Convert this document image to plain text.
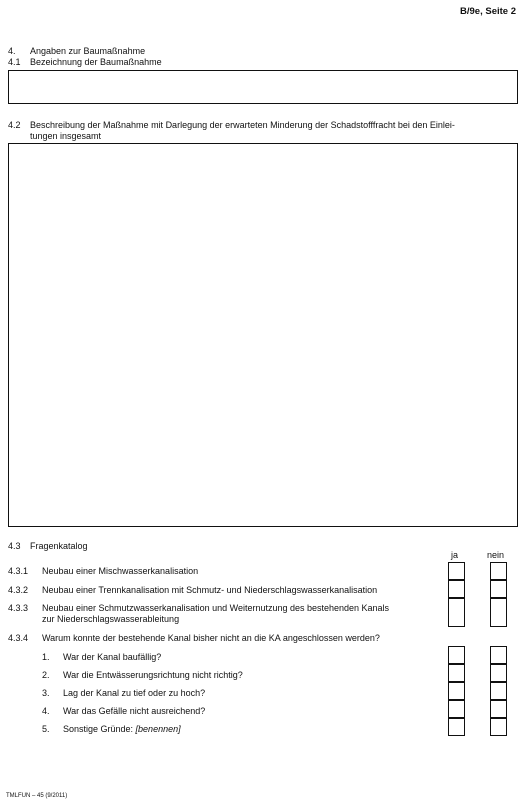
B/9e, Seite 2
4. Angaben zur Baumaßnahme
4.1 Bezeichnung der Baumaßnahme
4.2 Beschreibung der Maßnahme mit Darlegung der erwarteten Minderung der Schadstofffracht bei den Einlei-
tungen insgesamt
4.3 Fragenkatalog
ja	nein
4.3.1 Neubau einer Mischwasserkanalisation
4.3.2 Neubau einer Trennkanalisation mit Schmutz- und Niederschlagswasserkanalisation
4.3.3 Neubau einer Schmutzwasserkanalisation und Weiternutzung des bestehenden Kanals
zur Niederschlagswasserableitung
4.3.4 Warum konnte der bestehende Kanal bisher nicht an die KA angeschlossen werden?
1. War der Kanal baufällig?
2. War die Entwässerungsrichtung nicht richtig?
3. Lag der Kanal zu tief oder zu hoch?
4. War das Gefälle nicht ausreichend?
5. Sonstige Gründe: [benennen]
TMLFUN – 45 (9/2011)
